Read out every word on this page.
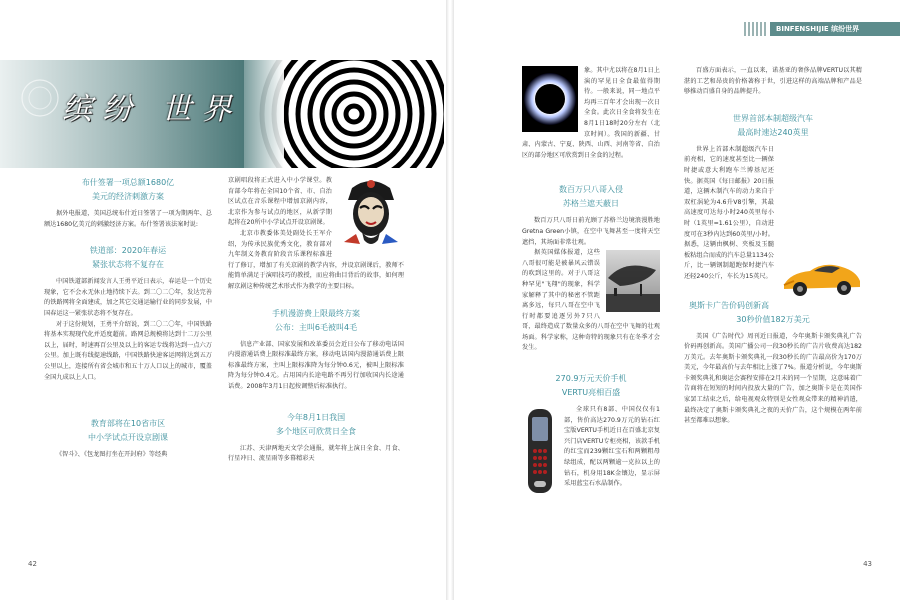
缤纷 世界
布什签署一项总额1680亿
美元的经济刺激方案

据外电报道，美国总统布什近日签署了一项为期两年、总额达1680亿美元的刺激经济方案。布什签署该法案时说:

铁道部：2020年春运
紧张状态将不复存在

中国铁道部新闻发言人王勇平近日表示，春运是一个历史现象，它不会永无休止地持续下去。到二〇二〇年，发达完善的铁路网将全面建成，加之其它交通运输行业的同步发展，中国春运这一紧张状态将不复存在。

对于这份规划，王勇平介绍说，到二〇二〇年，中国铁路将基本实现现代化并适度超前。路网总规模将达到十二万公里以上，届时，时速再百公里及以上的客运专线将达到一点六万公里。加上既有线提速线路，中国铁路快速客运网将达到五万公里以上，连接所有省会城市和五十万人口以上的城市，覆盖全国九成以上人口。

教育部将在10省市区
中小学试点开设京剧课

《智斗》、《包龙图打坐在开封府》等经典

京剧唱段将正式进入中小学课堂。教育部今年将在全国10个省、市、自治区试点在音乐课程中增加京剧内容，北京作为参与试点的地区，从新学期起将在20所中小学试点开设京剧课。

北京市教委体美处副处长王军介绍，为传承民族优秀文化，教育部对九年制义务教育阶段音乐课程标准进行了修订，增加了有关京剧的教学内容，并设京剧课后，教师不能简单满足于演唱技巧的教授，而应将曲目背后的故事，如何理解京剧这种传统艺术形式作为教学的主要目标。

手机漫游费上限最终方案
公布：主叫6毛被叫4毛

信息产业部、国家发展和改革委员会近日公布了移动电话国内漫游通话费上限标准最终方案，移动电话国内漫游通话费上限标准最终方案，主叫上限标准降为每分钟0.6元，被叫上限标准降为每分钟0.4元。占用国内长途电路不再另行加收国内长途通话费。2008年3月1日起按调整后标准执行。

今年8月1日我国
多个地区可欣赏日全食

江苏、天津两地天文学会通报，就年将上演日全食、月食、行星冲日、流星雨等多幕精彩天

42
BINFENSHIJIE 缤纷世界

象。其中尤以将在8月1日上演的罕见日全食最值得期待。一般来说，同一地点平均再三百年才会出现一次日全食。此次日全食将发生在8月1日18时20分左右（北京时间）。我国的新疆、甘肃、内蒙古、宁夏、陕西、山西、河南等省、自治区的部分地区可欣赏到日全食的过程。

数百万只八哥入侵
苏格兰遮天蔽日

数百万只八哥日前光顾了苏格兰边境浪漫胜地Gretna Green小镇，在空中飞舞甚至一度将天空遮挡，其场面非常壮观。

据英国媒体报道，这些八哥很可能是被暴风云错误的吹到这里的。对于八哥这种罕见"飞翔"的现象，科学家解释了其中的秘密不管距离多远，每只八哥在空中飞行时都要追逐另外7只八哥，最终造成了数量众多的八哥在空中飞舞的壮观场面。科学家称，这种奇特的现象只有在冬季才会发生。

270.9万元天价手机
VERTU亮相百盛

全球只有8部、中国仅仅有1部，售价高达270.9万元的钻石红宝版VERTU手机近日在百盛北京复兴门店VERTU专柜亮相，该款手机的红宝而239颗红宝石和两颗粗母绿组成，配以两颗逾一克拉以上的钻石，机身用18K金镶边，显示屏采用蓝宝石水晶制作。

百盛方面表示，一直以来，诺基亚的奢侈品牌VERTU以其精湛的工艺和昂贵的价格著称于世，引进这样的高端品牌和产品是够推动百盛自身的品牌提升。

世界首部本制超级汽车
最高时速达240英里

世界上首部木制超级汽车日前亮相，它的速度甚至比一辆保时捷或意大利跑车兰博基尼还快。据英国《每日邮报》20日报道，这辆木制汽车的动力来自于双杠涡轮为4.6升V8引擎，其最高速度可达每小时240英里每小时（1英里=1.61公里），自动进度可在3秒内达到60英里/小时。据悉，这辆由枫树、夹板及玉髓板粘组合而成的汽车总量1134公斤，比一辆钢制超跑保时捷汽车还轻240公斤，车长为15英尺。

奥斯卡广告价码创新高
30秒价值182万美元

美国《广告时代》周刊近日报道，今年奥斯卡颁奖典礼广告价码再创新高。美国广播公司一段30秒长的广告片收费高达182万美元。去年奥斯卡颁奖典礼一段30秒长的广告最高价为170万美元，今年最高价与去年相比上涨了7%。报道分析说，今年奥斯卡颁奖典礼和奥运会赛程安排在2月末的同一个星期，这意味着广告商将在短短的时间内投放大量的广告，加之奥斯卡是在美国作家罢工结束之后，给电视观众特别是女性观众带来的精神消遣，最终决定了奥斯卡颁奖典礼之夜的天价广告，这个规模在两年前甚至都难以想象。

43
